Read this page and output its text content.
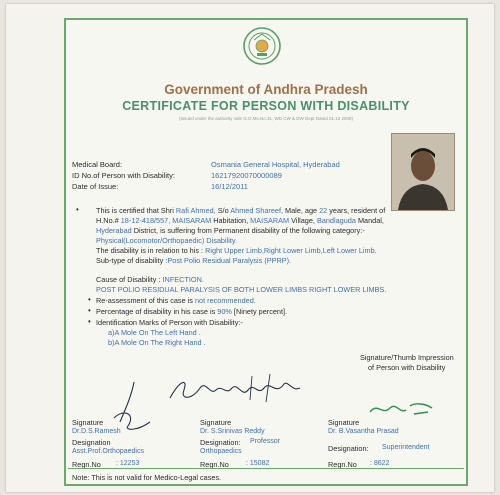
Government of Andhra Pradesh
CERTIFICATE FOR PERSON WITH DISABILITY
(Issued under the authority vide G.O.Ms.No.31, WD CW & DW Dept Dated 01.12.2009)
Medical Board:	Osmania General Hospital, Hyderabad
ID No.of Person with Disability:	16217920070000089
Date of Issue:	16/12/2011
• This is certified that Shri Rafi Ahmed, S/o Ahmed Shareef, Male, age 22 years, resident of
H.No.# 18-12-418/557, MAISARAM Habitation, MAISARAM Village, Bandlaguda Mandal,
Hyderabad District, is suffering from Permanent disability of the following category:-
Physical(Locomotor/Orthopaedic) Disability.
The disability is in relation to his : Right Upper Limb,Right Lower Limb,Left Lower Limb.
Sub-type of disability :Post Polio Residual Paralysis (PPRP).
Cause of Disability : INFECTION.
POST POLIO RESIDUAL PARALYSIS OF BOTH LOWER LIMBS RIGHT LOWER LIMBS.
• Re-assessment of this case is not recommended.
• Percentage of disability in his case is 90% [Ninety percent].
• Identification Marks of Person with Disability:-
a)A Mole On The Left Hand .
b)A Mole On The Right Hand .
Signature/Thumb Impression
of Person with Disability
Signature
Dr.D.S.Ramesh
Designation
Asst.Prof.Orthopaedics
Regn.No : 12253
Signature
Dr. S.Srinivas Reddy
Designation: Professor
Orthopaedics
Regn.No : 15082
Signature
Dr. B.Vasantha Prasad
Designation: Superintendent
Regn.No : 8622
Note: This is not valid for Medico-Legal cases.
